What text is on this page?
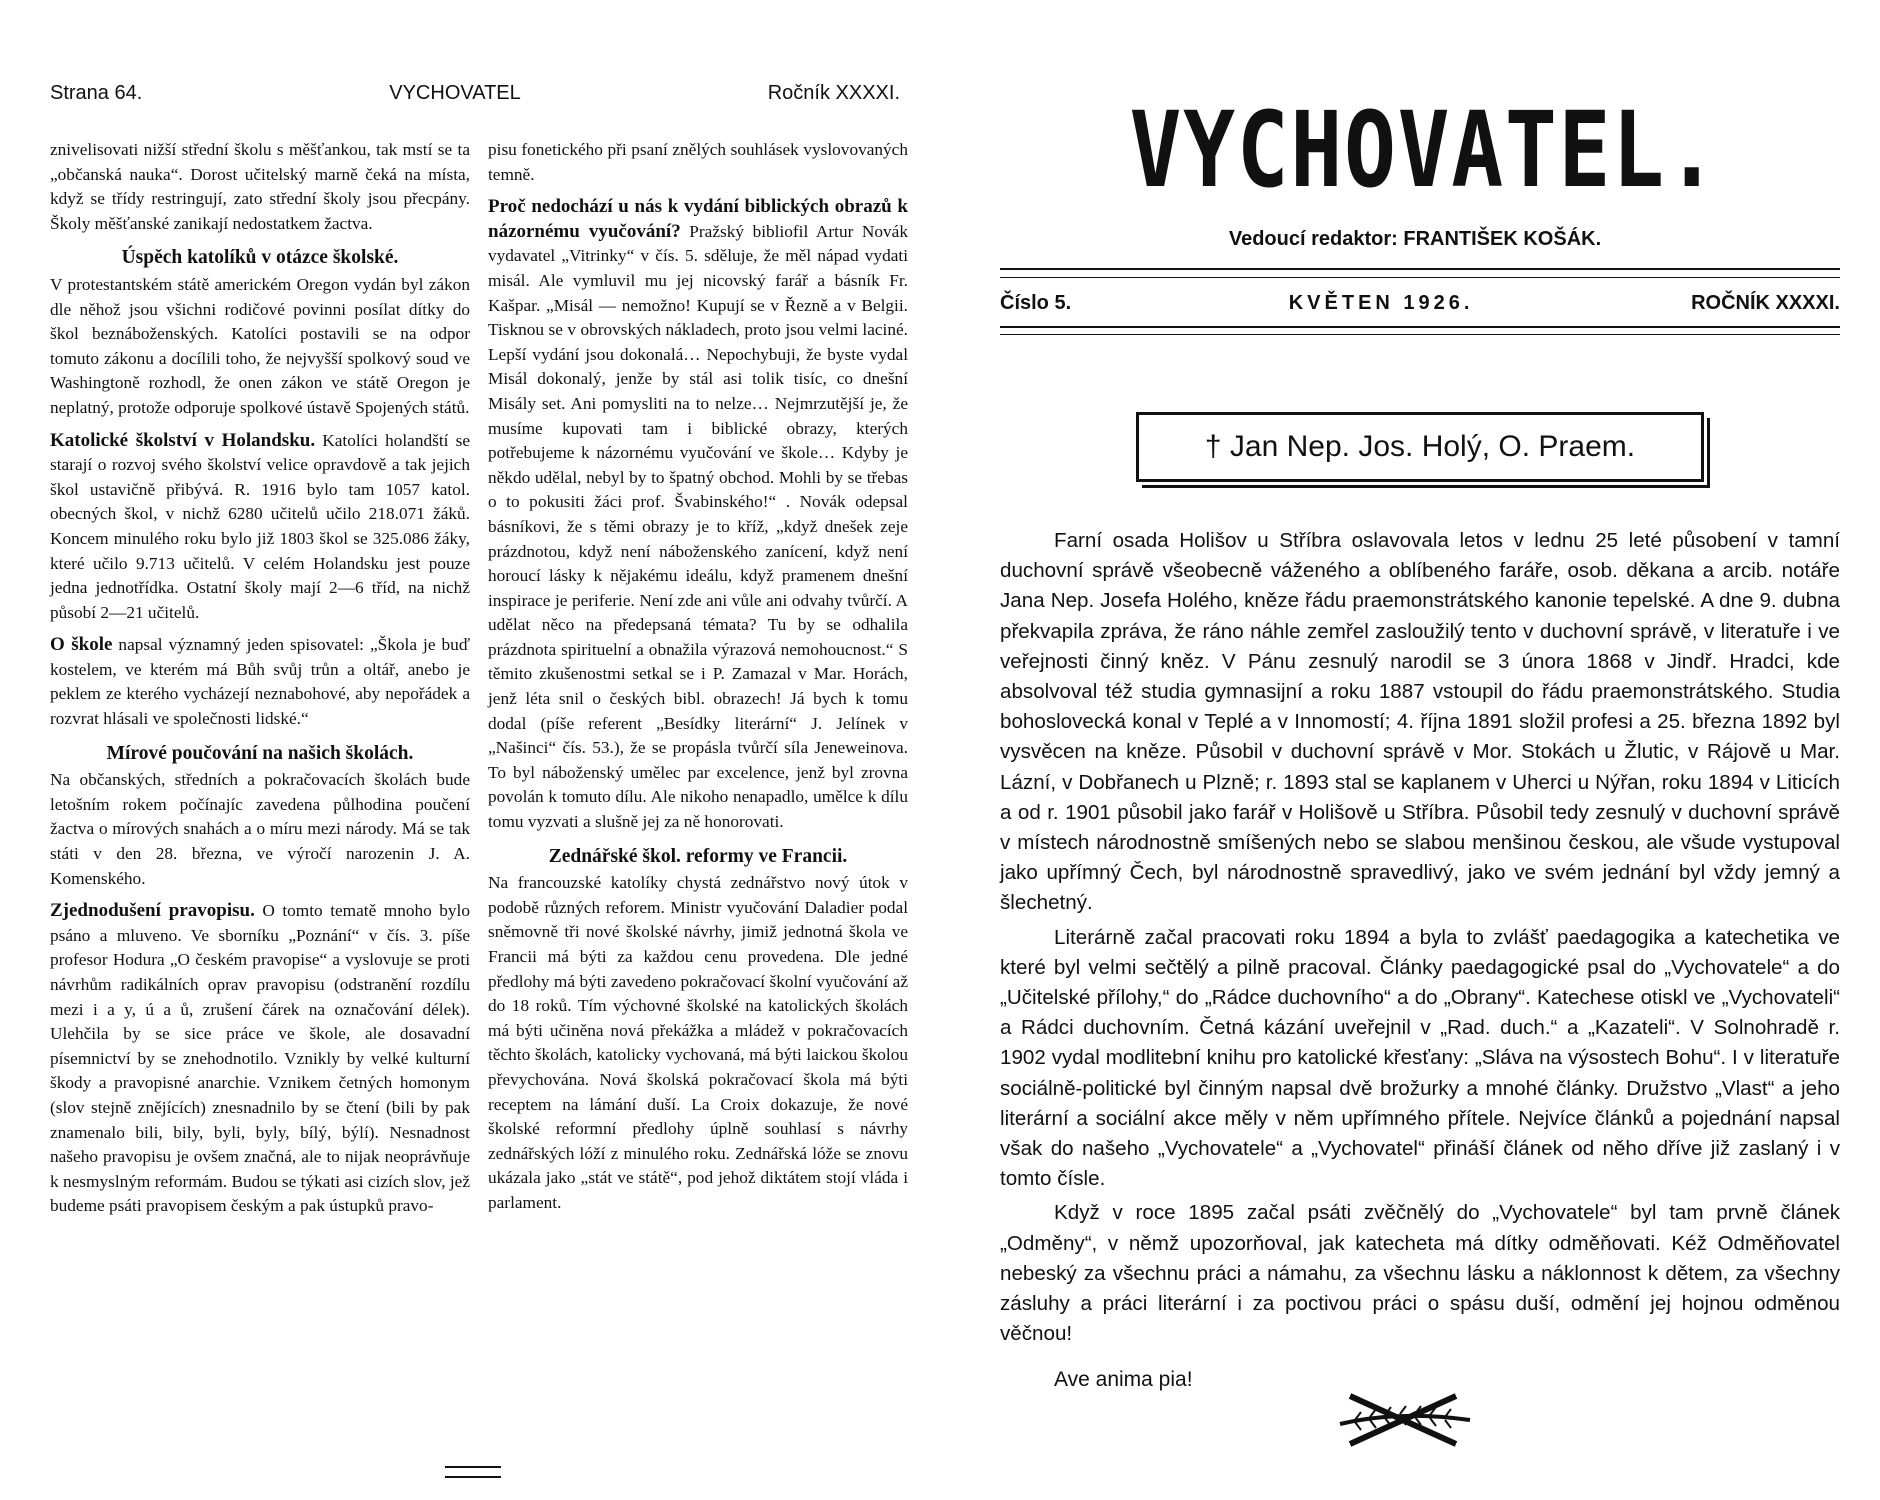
Strana 64.	VYCHOVATEL	Ročník XXXXI.

znivelisovati nižší střední školu s měšťankou, tak mstí se ta „občanská nauka“. Dorost učitelský marně čeká na místa, když se třídy restringují, zato střední školy jsou přecpány. Školy měšťanské zanikají nedostatkem žactva.

Úspěch katolíků v otázce školské.

V protestantském státě americkém Oregon vydán byl zákon dle něhož jsou všichni rodičové povinni posílat dítky do škol beznáboženských. Katolíci postavili se na odpor tomuto zákonu a docílili toho, že nejvyšší spolkový soud ve Washingtoně rozhodl, že onen zákon ve státě Oregon je neplatný, protože odporuje spolkové ústavě Spojených států.

Katolické školství v Holandsku. Katolíci holandští se starají o rozvoj svého školství velice opravdově a tak jejich škol ustavičně přibývá. R. 1916 bylo tam 1057 katol. obecných škol, v nichž 6280 učitelů učilo 218.071 žáků. Koncem minulého roku bylo již 1803 škol se 325.086 žáky, které učilo 9.713 učitelů. V celém Holandsku jest pouze jedna jednotřídka. Ostatní školy mají 2—6 tříd, na nichž působí 2—21 učitelů.

O škole napsal významný jeden spisovatel: „Škola je buď kostelem, ve kterém má Bůh svůj trůn a oltář, anebo je peklem ze kterého vycházejí neznabohové, aby nepořádek a rozvrat hlásali ve společnosti lidské.“

Mírové poučování na našich školách.

Na občanských, středních a pokračovacích školách bude letošním rokem počínajíc zavedena půlhodina poučení žactva o mírových snahách a o míru mezi národy. Má se tak státi v den 28. března, ve výročí narozenin J. A. Komenského.

Zjednodušení pravopisu. O tomto tematě mnoho bylo psáno a mluveno. Ve sborníku „Poznání“ v čís. 3. píše profesor Hodura „O českém pravopise“ a vyslovuje se proti návrhům radikálních oprav pravopisu (odstranění rozdílu mezi i a y, ú a ů, zrušení čárek na označování délek). Ulehčila by se sice práce ve škole, ale dosavadní písemnictví by se znehodnotilo. Vznikly by velké kulturní škody a pravopisné anarchie. Vznikem četných homonym (slov stejně znějících) znesnadnilo by se čtení (bili by pak znamenalo bili, bily, byli, byly, bílý, býlí). Nesnadnost našeho pravopisu je ovšem značná, ale to nijak neoprávňuje k nesmyslným reformám. Budou se týkati asi cizích slov, jež budeme psáti pravopisem českým a pak ústupků pravo-

pisu fonetického při psaní znělých souhlásek vyslovovaných temně.

Proč nedochází u nás k vydání biblických obrazů k názornému vyučování? Pražský bibliofil Artur Novák vydavatel „Vitrinky“ v čís. 5. sděluje, že měl nápad vydati misál. Ale vymluvil mu jej nicovský farář a básník Fr. Kašpar. „Misál — nemožno! Kupují se v Řezně a v Belgii. Tisknou se v obrovských nákladech, proto jsou velmi laciné. Lepší vydání jsou dokonalá… Nepochybuji, že byste vydal Misál dokonalý, jenže by stál asi tolik tisíc, co dnešní Misály set. Ani pomysliti na to nelze… Nejmrzutější je, že musíme kupovati tam i biblické obrazy, kterých potřebujeme k názornému vyučování ve škole… Kdyby je někdo udělal, nebyl by to špatný obchod. Mohli by se třebas o to pokusiti žáci prof. Švabinského!“ . Novák odepsal básníkovi, že s těmi obrazy je to kříž, „když dnešek zeje prázdnotou, když není náboženského zanícení, když není horoucí lásky k nějakému ideálu, když pramenem dnešní inspirace je periferie. Není zde ani vůle ani odvahy tvůrčí. A udělat něco na předepsaná témata? Tu by se odhalila prázdnota spirituelní a obnažila výrazová nemohoucnost.“ S těmito zkušenostmi setkal se i P. Zamazal v Mar. Horách, jenž léta snil o českých bibl. obrazech! Já bych k tomu dodal (píše referent „Besídky literární“ J. Jelínek v „Našinci“ čís. 53.), že se propásla tvůrčí síla Jeneweinova. To byl náboženský umělec par excelence, jenž byl zrovna povolán k tomuto dílu. Ale nikoho nenapadlo, umělce k dílu tomu vyzvati a slušně jej za ně honorovati.

Zednářské škol. reformy ve Francii.

Na francouzské katolíky chystá zednářstvo nový útok v podobě různých reforem. Ministr vyučování Daladier podal sněmovně tři nové školské návrhy, jimiž jednotná škola ve Francii má býti za každou cenu provedena. Dle jedné předlohy má býti zavedeno pokračovací školní vyučování až do 18 roků. Tím výchovné školské na katolických školách má býti učiněna nová překážka a mládež v pokračovacích těchto školách, katolicky vychovaná, má býti laickou školou převychována. Nová školská pokračovací škola má býti receptem na lámání duší. La Croix dokazuje, že nové školské reformní předlohy úplně souhlasí s návrhy zednářských lóží z minulého roku. Zednářská lóže se znovu ukázala jako „stát ve státě“, pod jehož diktátem stojí vláda i parlament.

VYCHOVATEL.
Vedoucí redaktor: FRANTIŠEK KOŠÁK.
Číslo 5.	KVĚTEN 1926.	ROČNÍK XXXXI.
† Jan Nep. Jos. Holý, O. Praem.

Farní osada Holišov u Stříbra oslavovala letos v lednu 25 leté působení v tamní duchovní správě všeobecně váženého a oblíbeného faráře, osob. děkana a arcib. notáře Jana Nep. Josefa Holého, kněze řádu praemonstrátského kanonie tepelské. A dne 9. dubna překvapila zpráva, že ráno náhle zemřel zasloužilý tento v duchovní správě, v literatuře i ve veřejnosti činný kněz. V Pánu zesnulý narodil se 3 února 1868 v Jindř. Hradci, kde absolvoval též studia gymnasijní a roku 1887 vstoupil do řádu praemonstrátského. Studia bohoslovecká konal v Teplé a v Innomostí; 4. října 1891 složil profesi a 25. března 1892 byl vysvěcen na kněze. Působil v duchovní správě v Mor. Stokách u Žlutic, v Rájově u Mar. Lázní, v Dobřanech u Plzně; r. 1893 stal se kaplanem v Uherci u Nýřan, roku 1894 v Liticích a od r. 1901 působil jako farář v Holišově u Stříbra. Působil tedy zesnulý v duchovní správě v místech národnostně smíšených nebo se slabou menšinou českou, ale všude vystupoval jako upřímný Čech, byl národnostně spravedlivý, jako ve svém jednání byl vždy jemný a šlechetný.

Literárně začal pracovati roku 1894 a byla to zvlášť paedagogika a katechetika ve které byl velmi sečtělý a pilně pracoval. Články paedagogické psal do „Vychovatele“ a do „Učitelské přílohy,“ do „Rádce duchovního“ a do „Obrany“. Katechese otiskl ve „Vychovateli“ a Rádci duchovním. Četná kázání uveřejnil v „Rad. duch.“ a „Kazateli“. V Solnohradě r. 1902 vydal modlitební knihu pro katolické křesťany: „Sláva na výsostech Bohu“. I v literatuře sociálně-politické byl činným napsal dvě brožurky a mnohé články. Družstvo „Vlast“ a jeho literární a sociální akce měly v něm upřímného přítele. Nejvíce článků a pojednání napsal však do našeho „Vychovatele“ a „Vychovatel“ přináší článek od něho dříve již zaslaný i v tomto čísle.

Když v roce 1895 začal psáti zvěčnělý do „Vychovatele“ byl tam prvně článek „Odměny“, v němž upozorňoval, jak katecheta má dítky odměňovati. Kéž Odměňovatel nebeský za všechnu práci a námahu, za všechnu lásku a náklonnost k dětem, za všechny zásluhy a práci literární i za poctivou práci o spásu duší, odmění jej hojnou odměnou věčnou!

Ave anima pia!
